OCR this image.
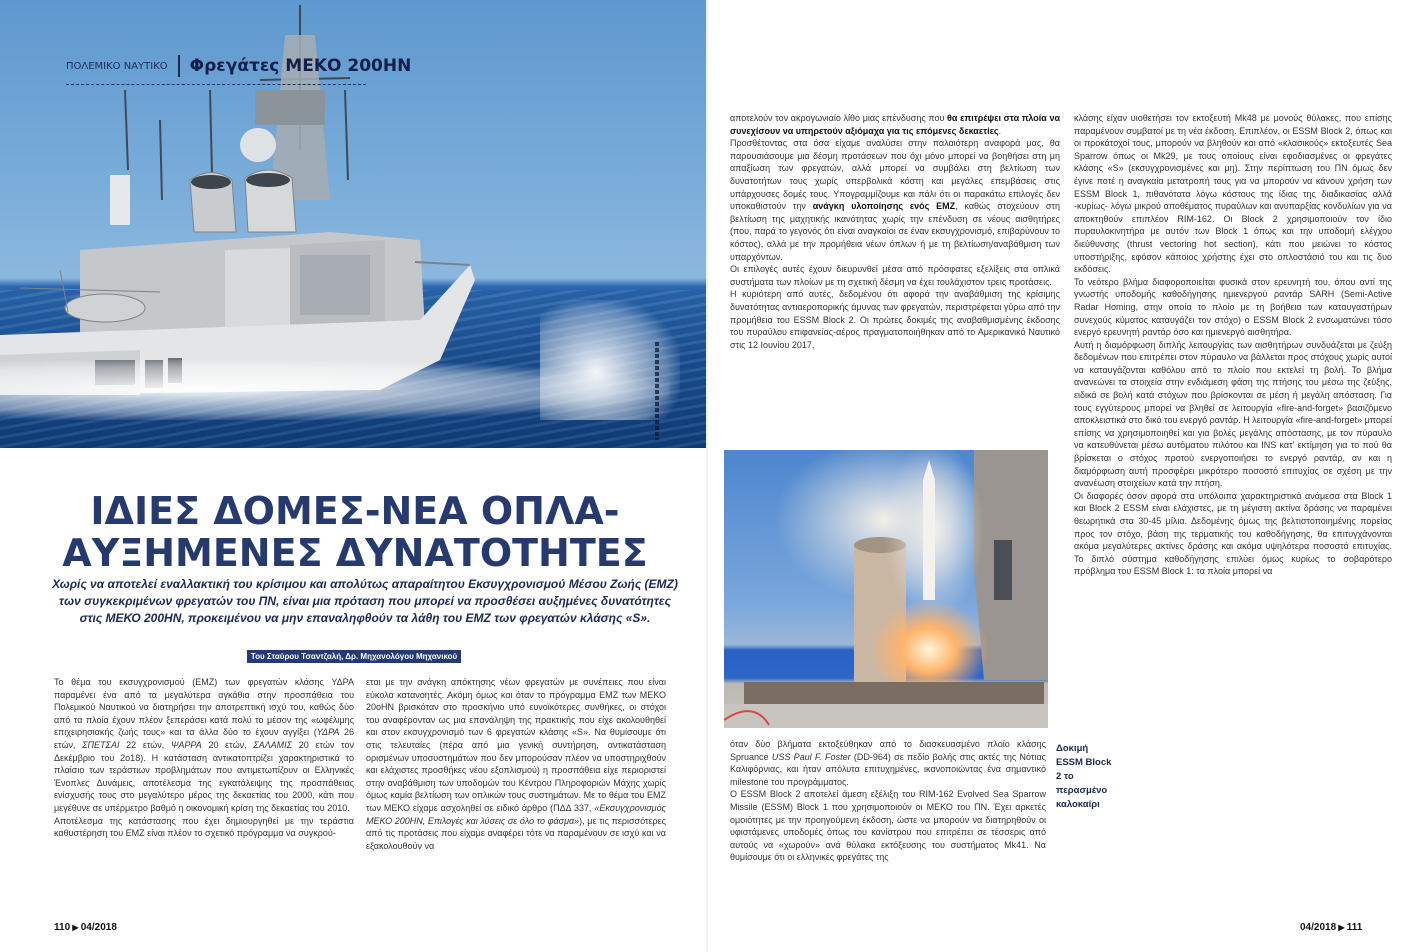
ΠΟΛΕΜΙΚΟ ΝΑΥΤΙΚΟ Φρεγάτες ΜΕΚΟ 200ΗΝ
ΙΔΙΕΣ ΔΟΜΕΣ-ΝΕΑ ΟΠΛΑ-
ΑΥΞΗΜΕΝΕΣ ΔΥΝΑΤΟΤΗΤΕΣ
Χωρίς να αποτελεί εναλλακτική του κρίσιμου και απολύτως απαραίτητου Εκσυγχρονισμού Μέσου Ζωής (ΕΜΖ) των συγκεκριμένων φρεγατών του ΠΝ, είναι μια πρόταση που μπορεί να προσθέσει αυξημένες δυνατότητες στις ΜΕΚΟ 200ΗΝ, προκειμένου να μην επαναληφθούν τα λάθη του ΕΜΖ των φρεγατών κλάσης «S».
Του Σταύρου Τσαντζαλή, Δρ. Μηχανολόγου Μηχανικού

Το θέμα του εκσυγχρονισμού (ΕΜΖ) των φρεγατών κλάσης ΥΔΡΑ παραμένει ένα από τα μεγαλύτερα αγκάθια στην προσπάθεια του Πολεμικού Ναυτικού να διατηρήσει την αποτρεπτική ισχύ του, καθώς δύο από τα πλοία έχουν πλέον ξεπεράσει κατά πολύ το μέσον της «ωφέλιμης επιχειρησιακής ζωής τους» και τα άλλα δύο το έχουν αγγίξει (ΥΔΡΑ 26 ετών, ΣΠΕΤΣΑΙ 22 ετών, ΨΑΡΡΑ 20 ετών, ΣΑΛΑΜΙΣ 20 ετών τον Δεκέμβριο του 2ο18). Η κατάσταση αντικατοπτρίζει χαρακτηριστικά το πλαίσιο των τεράστιων προβλημάτων που αντιμετωπίζουν οι Ελληνικές Ένοπλες Δυνάμεις, αποτέλεσμα της εγκατάλειψης της προσπάθειας ενίσχυσής τους στο μεγαλύτερο μέρος της δεκαετίας του 2000, κάτι που μεγέθυνε σε υπέρμετρο βαθμό η οικονομική κρίση της δεκαετίας του 2010.

Αποτέλεσμα της κατάστασης που έχει δημιουργηθεί με την τεράστια καθυστέρηση του ΕΜΖ είναι πλέον το σχετικό πρόγραμμα να συγκρού-

εται με την ανάγκη απόκτησης νέων φρεγατών με συνέπειες που είναι εύκολα κατανοητές. Ακόμη όμως και όταν το πρόγραμμα ΕΜΖ των ΜΕΚΟ 20οΗΝ βρισκόταν στο προσκήνιο υπό ευνοϊκότερες συνθήκες, οι στόχοι του αναφέρονταν ως μια επανάληψη της πρακτικής που είχε ακολουθηθεί και στον εκσυγχρονισμό των 6 φρεγατών κλάσης «S». Να θυμίσουμε ότι στις τελευταίες (πέρα από μια γενική συντήρηση, αντικατάσταση ορισμένων υποσυστημάτων που δεν μπορούσαν πλέον να υποστηριχθούν και ελάχιστες προσθήκες νέου εξοπλισμού) η προσπάθεια είχε περιοριστεί στην αναβάθμιση των υποδομών του Κέντρου Πληροφοριών Μάχης χωρίς όμως καμία βελτίωση των οπλικών τους συστημάτων. Με το θέμα του ΕΜΖ των ΜΕΚΟ είχαμε ασχοληθεί σε ειδικό άρθρο (ΠΔΔ 337, «Εκσυγχρονισμός ΜΕΚΟ 200ΗΝ, Επιλογές και λύσεις σε όλο το φάσμα»), με τις περισσότερες από τις προτάσεις που είχαμε αναφέρει τότε να παραμένουν σε ισχύ και να εξακολουθούν να

110 ▶ 04/2018

αποτελούν τον ακρογωνιαίο λίθο μιας επένδυσης που θα επιτρέψει στα πλοία να συνεχίσουν να υπηρετούν αξιόμαχα για τις επόμενες δεκαετίες.

Προσθέτοντας στα όσα είχαμε αναλύσει στην παλαιότερη αναφορά μας, θα παρουσιάσουμε μια δέσμη προτάσεων που όχι μόνο μπορεί να βοηθήσει στη μη απαξίωση των φρεγατών, αλλά μπορεί να συμβάλει στη βελτίωση των δυνατοτήτων τους χωρίς υπερβολικά κόστη και μεγάλες επεμβάσεις στις υπάρχουσες δομές τους. Υπογραμμίζουμε και πάλι ότι οι παρακάτω επιλογές δεν υποκαθιστούν την ανάγκη υλοποίησης ενός ΕΜΖ, καθώς στοχεύουν στη βελτίωση της μαχητικής ικανότητας χωρίς την επένδυση σε νέους αισθητήρες (που, παρά το γεγονός ότι είναι αναγκαίοι σε έναν εκσυγχρονισμό, επιβαρύνουν το κόστος), αλλά με την προμήθεια νέων όπλων ή με τη βελτίωση/αναβάθμιση των υπαρχόντων.

Οι επιλογές αυτές έχουν διευρυνθεί μέσα από πρόσφατες εξελίξεις στα οπλικά συστήματα των πλοίων με τη σχετική δέσμη να έχει τουλάχιστον τρεις προτάσεις.

Η κυριότερη από αυτές, δεδομένου ότι αφορά την αναβάθμιση της κρίσιμης δυνατότητας αντιαεροπορικής άμυνας των φρεγατών, περιστρέφεται γύρω από την προμήθεια του ESSM Block 2. Οι πρώτες δοκιμές της αναβαθμισμένης έκδοσης του πυραύλου επιφανείας-αέρος πραγματοποιήθηκαν από το Αμερικανικό Ναυτικό στις 12 Ιουνίου 2017,

Δοκιμή ESSM Block 2 το περασμένο καλοκαίρι

όταν δύο βλήματα εκτοξεύθηκαν από το διασκευασμένο πλοίο κλάσης Spruance USS Paul F. Foster (DD-964) σε πεδίο βολής στις ακτές της Νότιας Καλιφόρνιας, και ήταν απόλυτα επιτυχημένες, ικανοποιώντας ένα σημαντικό milestone του προγράμματος.

Ο ESSM Block 2 αποτελεί άμεση εξέλιξη του RIM-162 Evolved Sea Sparrow Missile (ESSM) Block 1 που χρησιμοποιούν οι ΜΕΚΟ του ΠΝ. Έχει αρκετές ομοιότητες με την προηγούμενη έκδοση, ώστε να μπορούν να διατηρηθούν οι υφιστάμενες υποδομές όπως του κανίστρου που επιτρέπει σε τέσσερις από αυτούς να «χωρούν» ανά θύλακα εκτόξευσης του συστήματος Mk41. Να θυμίσουμε ότι οι ελληνικές φρεγάτες της

κλάσης είχαν υιοθετήσει τον εκτοξευτή Mk48 με μονούς θύλακες, που επίσης παραμένουν συμβατοί με τη νέα έκδοση. Επιπλέον, οι ESSM Block 2, όπως και οι προκάτοχοί τους, μπορούν να βληθούν και από «κλασικούς» εκτοξευτές Sea Sparrow όπως οι Mk29, με τους οποίους είναι εφοδιασμένες οι φρεγάτες κλάσης «S» (εκσυγχρονισμένες και μη). Στην περίπτωση του ΠΝ όμως δεν έγινε ποτέ η αναγκαία μετατροπή τους για να μπορούν να κάνουν χρήση των ESSM Block 1, πιθανότατα λόγω κόστους της ίδιας της διαδικασίας αλλά -κυρίως- λόγω μικρού αποθέματος πυραύλων και ανυπαρξίας κονδυλίων για να αποκτηθούν επιπλέον RIM-162. Οι Block 2 χρησιμοποιούν τον ίδιο πυραυλοκινητήρα με αυτόν των Block 1 όπως και την υποδομή ελέγχου διεύθυνσης (thrust vectoring hot section), κάτι που μειώνει το κόστος υποστήριξης, εφόσον κάποιος χρήστης έχει στο οπλοστάσιό του και τις δυο εκδόσεις.

Το νεότερο βλήμα διαφοροποιείται φυσικά στον ερευνητή του, όπου αντί της γνωστής υποδομής καθοδήγησης ημιενεργού ραντάρ SARH (Semi-Active Radar Homing, στην οποία το πλοίο με τη βοήθεια των καταυγαστήρων συνεχούς κύματος καταυγάζει τον στόχο) ο ESSM Block 2 ενσωματώνει τόσο ενεργό ερευνητή ραντάρ όσο και ημιενεργό αισθητήρα.

Αυτή η διαμόρφωση διπλής λειτουργίας των αισθητήρων συνδυάζεται με ζεύξη δεδομένων που επιτρέπει στον πύραυλο να βάλλεται προς στόχους χωρίς αυτοί να καταυγάζονται καθόλου από το πλοίο που εκτελεί τη βολή. Το βλήμα ανανεώνει τα στοιχεία στην ενδιάμεση φάση της πτήσης του μέσω της ζεύξης, ειδικά σε βολή κατά στόχων που βρίσκονται σε μέση ή μεγάλη απόσταση. Για τους εγγύτερους μπορεί να βληθεί σε λειτουργία «fire-and-forget» βασιζόμενο αποκλειστικά στο δικό του ενεργό ραντάρ. Η λειτουργία «fire-and-forget» μπορεί επίσης να χρησιμοποιηθεί και για βολές μεγάλης απόστασης, με τον πύραυλο να κατευθύνεται μέσω αυτόματου πιλότου και INS κατ' εκτίμηση για το πού θα βρίσκεται ο στόχος προτού ενεργοποιήσει το ενεργό ραντάρ, αν και η διαμόρφωση αυτή προσφέρει μικρότερο ποσοστό επιτυχίας σε σχέση με την ανανέωση στοιχείων κατά την πτήση.

Οι διαφορές όσον αφορά στα υπόλοιπα χαρακτηριστικά ανάμεσα στα Block 1 και Block 2 ESSM είναι ελάχιστες, με τη μέγιστη ακτίνα δράσης να παραμένει θεωρητικά στα 30-45 μίλια. Δεδομένης όμως της βελτιστοποιημένης πορείας προς τον στόχο, βάση της τερματικής του καθοδήγησης, θα επιτυγχάνονται ακόμα μεγαλύτερες ακτίνες δράσης και ακόμα υψηλότερα ποσοστά επιτυχίας. Το διπλό σύστημα καθοδήγησης επιλύει όμως κυρίως το σοβαρότερο πρόβλημα του ESSM Block 1: τα πλοία μπορεί να

04/2018 ▶ 111
